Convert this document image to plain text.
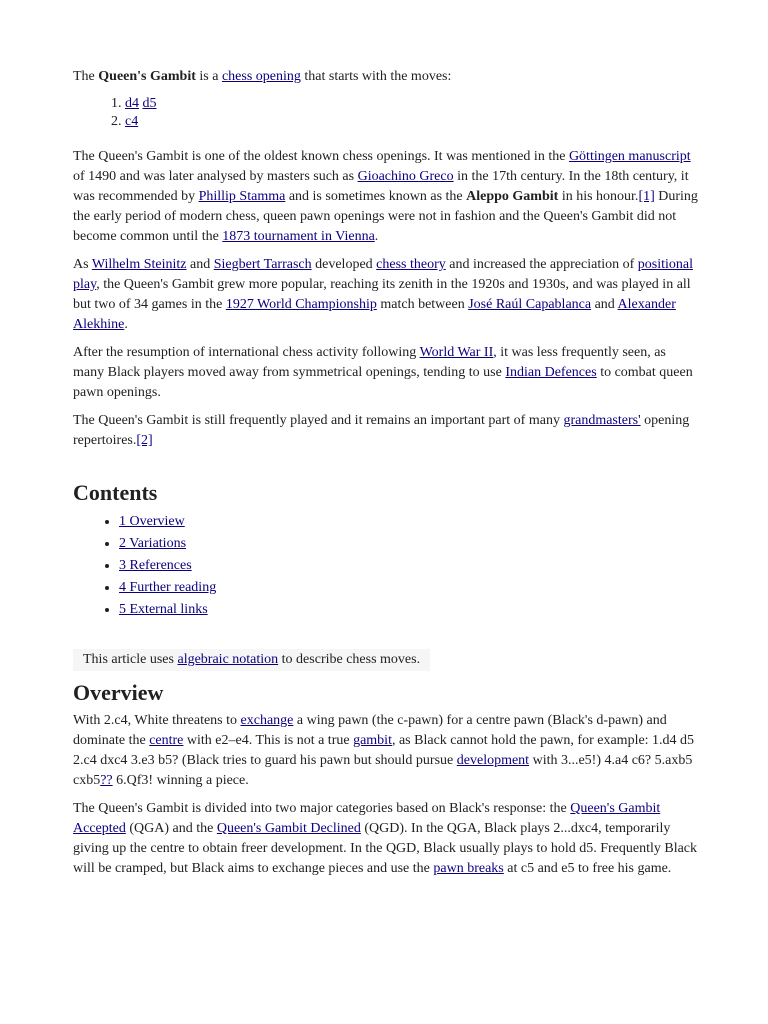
The Queen's Gambit is a chess opening that starts with the moves:

1. d4 d5
2. c4

The Queen's Gambit is one of the oldest known chess openings. It was mentioned in the Göttingen manuscript of 1490 and was later analysed by masters such as Gioachino Greco in the 17th century. In the 18th century, it was recommended by Phillip Stamma and is sometimes known as the Aleppo Gambit in his honour.[1] During the early period of modern chess, queen pawn openings were not in fashion and the Queen's Gambit did not become common until the 1873 tournament in Vienna.

As Wilhelm Steinitz and Siegbert Tarrasch developed chess theory and increased the appreciation of positional play, the Queen's Gambit grew more popular, reaching its zenith in the 1920s and 1930s, and was played in all but two of 34 games in the 1927 World Championship match between José Raúl Capablanca and Alexander Alekhine.

After the resumption of international chess activity following World War II, it was less frequently seen, as many Black players moved away from symmetrical openings, tending to use Indian Defences to combat queen pawn openings.

The Queen's Gambit is still frequently played and it remains an important part of many grandmasters' opening repertoires.[2]

Contents
• 1 Overview
• 2 Variations
• 3 References
• 4 Further reading
• 5 External links
This article uses algebraic notation to describe chess moves.
Overview

With 2.c4, White threatens to exchange a wing pawn (the c-pawn) for a centre pawn (Black's d-pawn) and dominate the centre with e2–e4. This is not a true gambit, as Black cannot hold the pawn, for example: 1.d4 d5 2.c4 dxc4 3.e3 b5? (Black tries to guard his pawn but should pursue development with 3...e5!) 4.a4 c6? 5.axb5 cxb5?? 6.Qf3! winning a piece.

The Queen's Gambit is divided into two major categories based on Black's response: the Queen's Gambit Accepted (QGA) and the Queen's Gambit Declined (QGD). In the QGA, Black plays 2...dxc4, temporarily giving up the centre to obtain freer development. In the QGD, Black usually plays to hold d5. Frequently Black will be cramped, but Black aims to exchange pieces and use the pawn breaks at c5 and e5 to free his game.
